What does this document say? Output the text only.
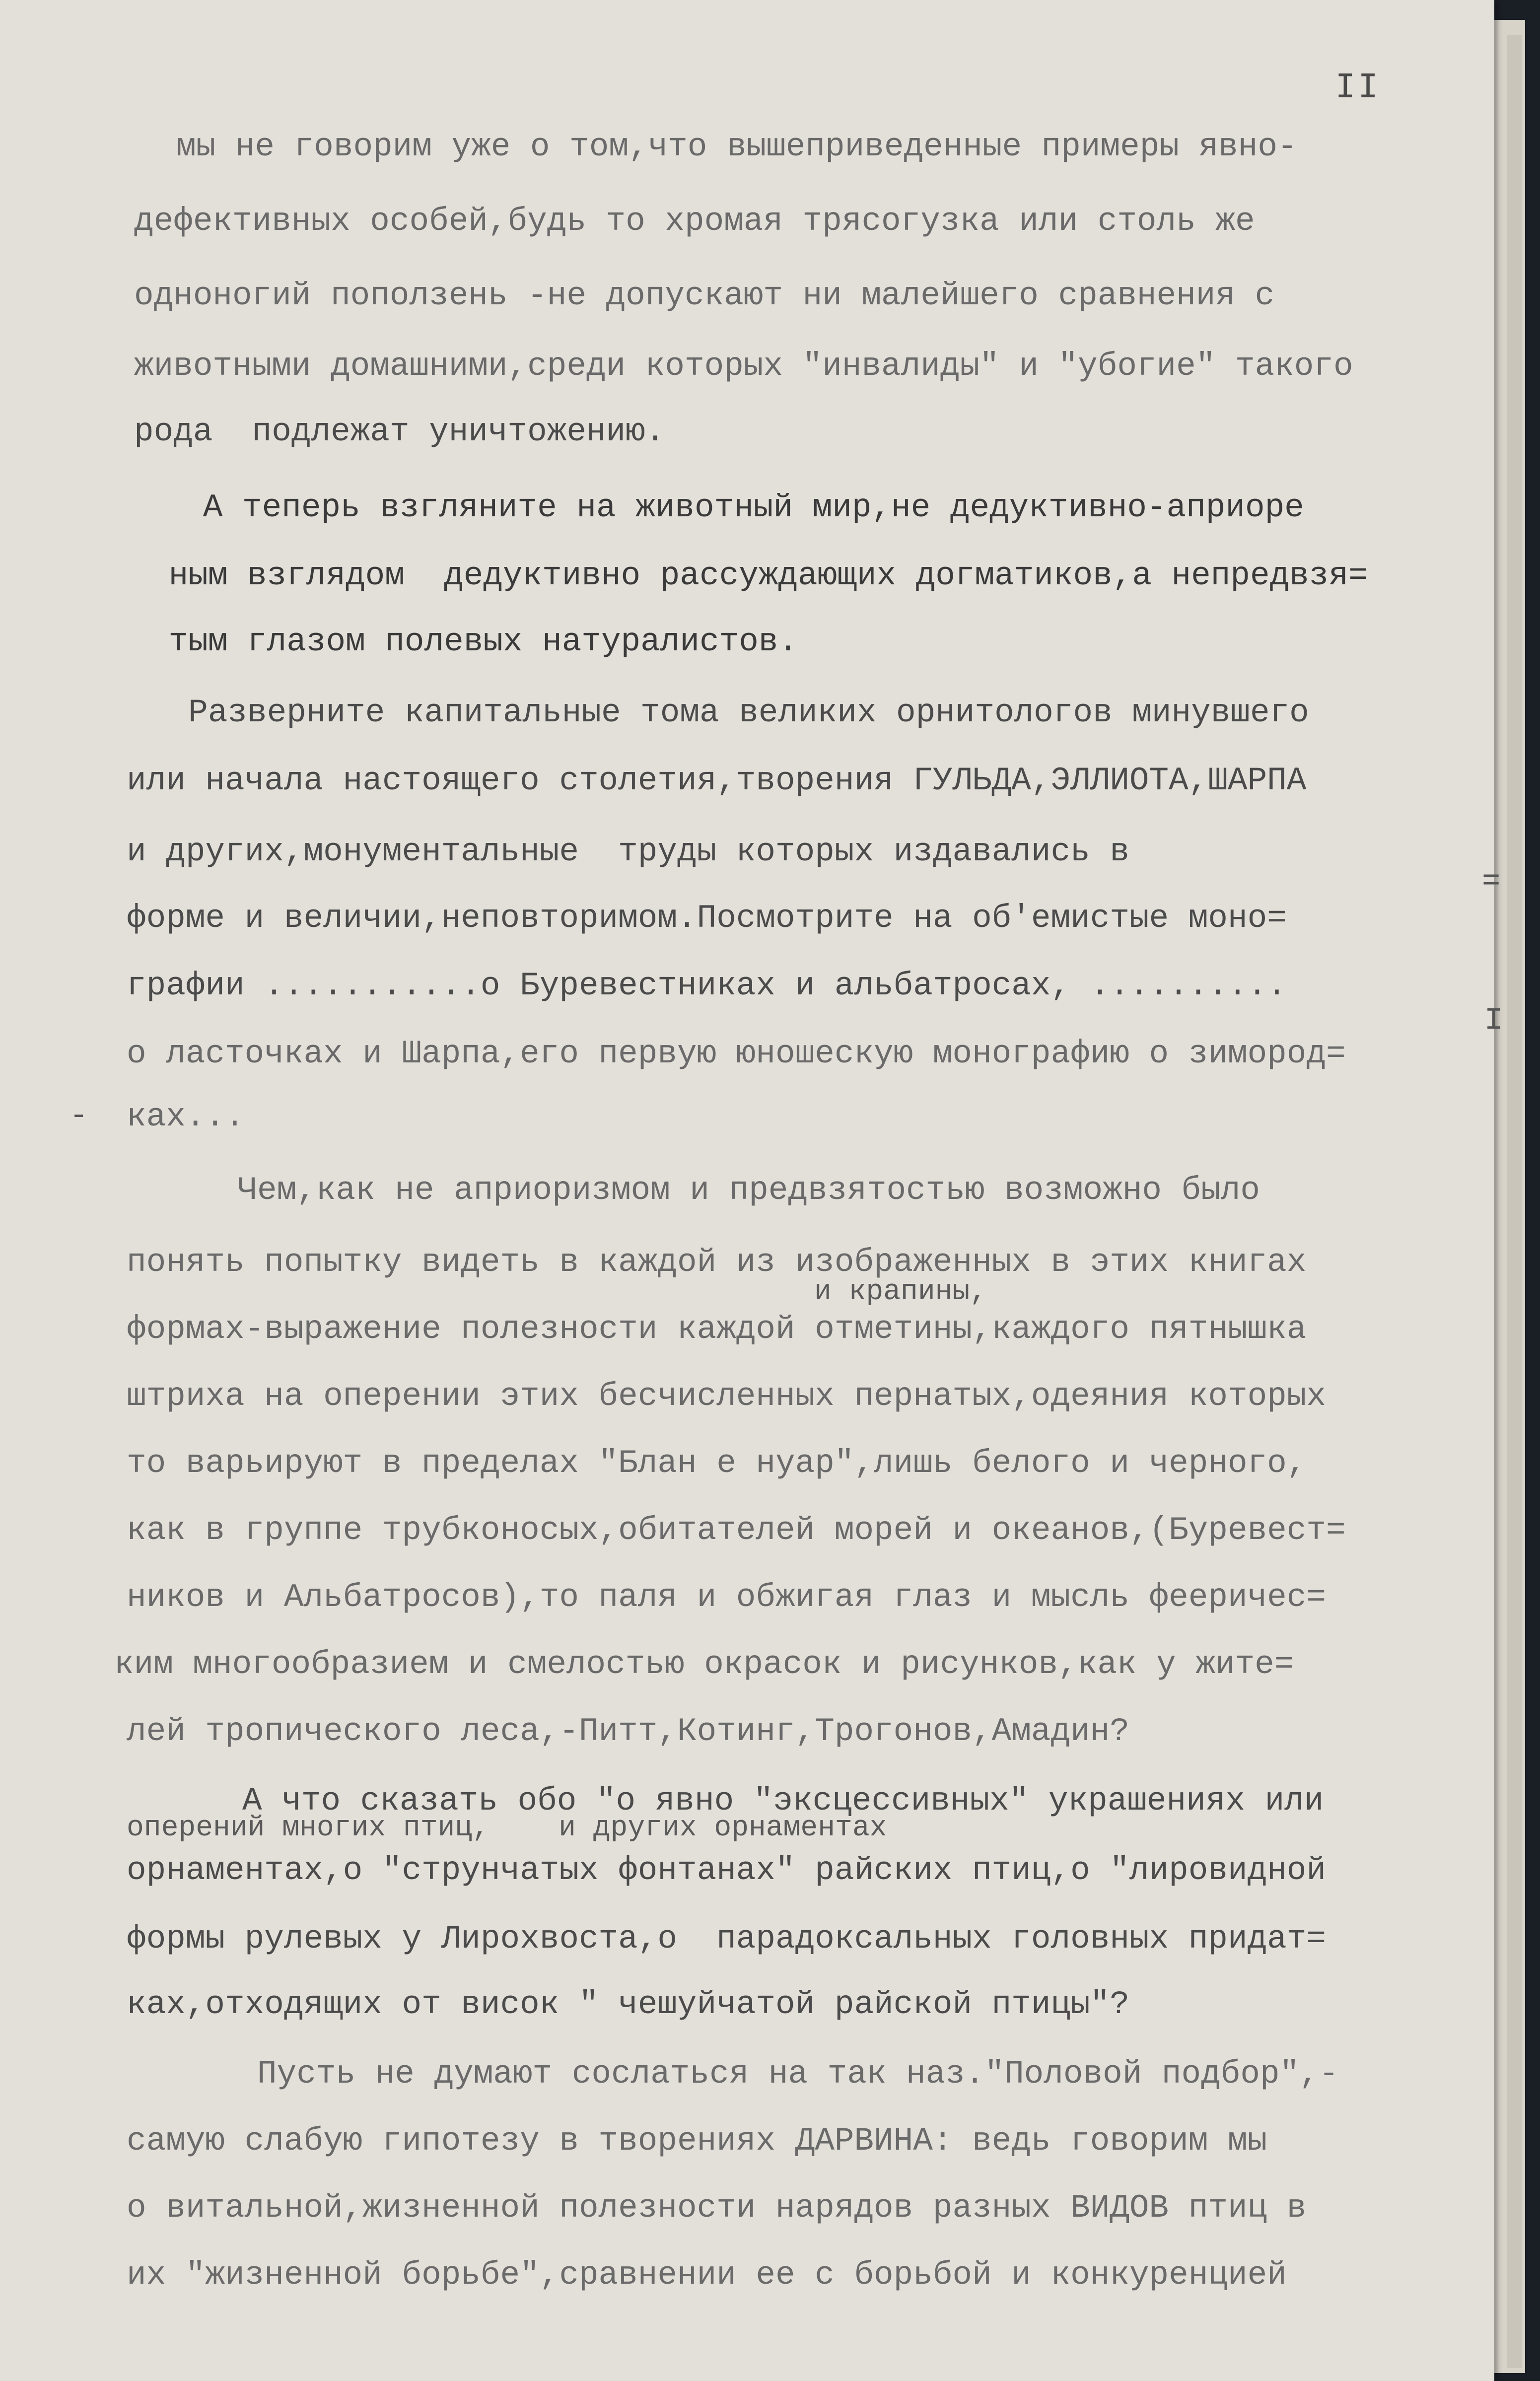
II
мы не говорим уже о том,что вышеприведенные примеры явно-
дефективных особей,будь то хромая трясогузка или столь же
одноногий поползень -не допускают ни малейшего сравнения с
животными домашними,среди которых "инвалиды" и "убогие" такого
рода  подлежат уничтожению.
А теперь взгляните на животный мир,не дедуктивно-априорe
ным взглядом  дедуктивно рассуждающих догматиков,а непредвзя=
тым глазом полевых натуралистов.
Разверните капитальные тома великих орнитологов минувшего
или начала настоящего столетия,творения ГУЛЬДА,ЭЛЛИОТА,ШАРПА
и других,монументальные  труды которых издавались в
форме и величии,неповторимом.Посмотрите на об'емистые моно=
графии ...........о Буревестниках и альбатросах, ..........
о ласточках и Шарпа,его первую юношескую монографию о зимород=
ках...
Чем,как не априоризмом и предвзятостью возможно было
понять попытку видеть в каждой из изображенных в этих книгах
и крапины,
формах-выражение полезности каждой отметины,каждого пятнышка
штриха на оперении этих бесчисленных пернатых,одеяния которых
то варьируют в пределах "Блан е нуар",лишь белого и черного,
как в группе трубконосых,обитателей морей и океанов,(Буревест=
ников и Альбатросов),то паля и обжигая глаз и мысль фееричес=
ким многообразием и смелостью окрасок и рисунков,как у жите=
лей тропического леса,-Питт,Котинг,Трогонов,Амадин?
А что сказать обо "о явно "эксцессивных" украшениях или
оперений многих птиц,    и других орнаментах
орнаментах,о "струнчатых фонтанах" райских птиц,о "лировидной
формы рулевых у Лирохвоста,о  парадоксальных головных придат=
ках,отходящих от висок " чешуйчатой райской птицы"?
Пусть не думают сослаться на так наз."Половой подбор",-
самую слабую гипотезу в творениях ДАРВИНА: ведь говорим мы
о витальной,жизненной полезности нарядов разных ВИДОВ птиц в
их "жизненной борьбе",сравнении ее с борьбой и конкуренцией
=
I
-
